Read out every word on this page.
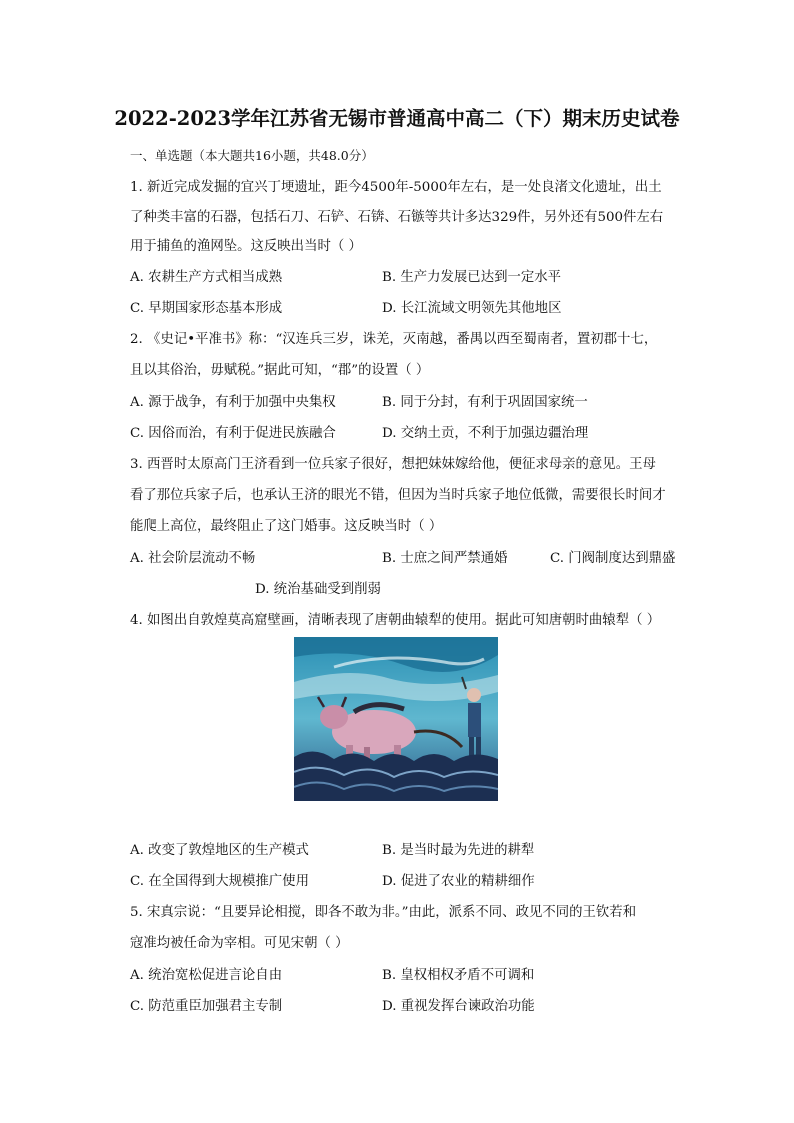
2022-2023学年江苏省无锡市普通高中高二（下）期末历史试卷
一、单选题（本大题共16小题，共48.0分）
1. 新近完成发掘的宜兴丁埂遗址，距今4500年-5000年左右，是一处良渚文化遗址，出土
了种类丰富的石器，包括石刀、石铲、石锛、石镞等共计多达329件，另外还有500件左右
用于捕鱼的渔网坠。这反映出当时（ ）
A. 农耕生产方式相当成熟	B. 生产力发展已达到一定水平
C. 早期国家形态基本形成	D. 长江流域文明领先其他地区
2. 《史记•平准书》称：“汉连兵三岁，诛羌，灭南越，番禺以西至蜀南者，置初郡十七，
且以其俗治，毋赋税。”据此可知，“郡”的设置（ ）
A. 源于战争，有利于加强中央集权	B. 同于分封，有利于巩固国家统一
C. 因俗而治，有利于促进民族融合	D. 交纳土贡，不利于加强边疆治理
3. 西晋时太原高门王济看到一位兵家子很好，想把妹妹嫁给他，便征求母亲的意见。王母
看了那位兵家子后，也承认王济的眼光不错，但因为当时兵家子地位低微，需要很长时间才
能爬上高位，最终阻止了这门婚事。这反映当时（ ）
A. 社会阶层流动不畅	B. 士庶之间严禁通婚	C. 门阀制度达到鼎盛
D. 统治基础受到削弱
4. 如图出自敦煌莫高窟壁画，清晰表现了唐朝曲辕犁的使用。据此可知唐朝时曲辕犁（ ）
A. 改变了敦煌地区的生产模式	B. 是当时最为先进的耕犁
C. 在全国得到大规模推广使用	D. 促进了农业的精耕细作
5. 宋真宗说：“且要异论相搅，即各不敢为非。”由此，派系不同、政见不同的王钦若和
寇准均被任命为宰相。可见宋朝（ ）
A. 统治宽松促进言论自由	B. 皇权相权矛盾不可调和
C. 防范重臣加强君主专制	D. 重视发挥台谏政治功能
